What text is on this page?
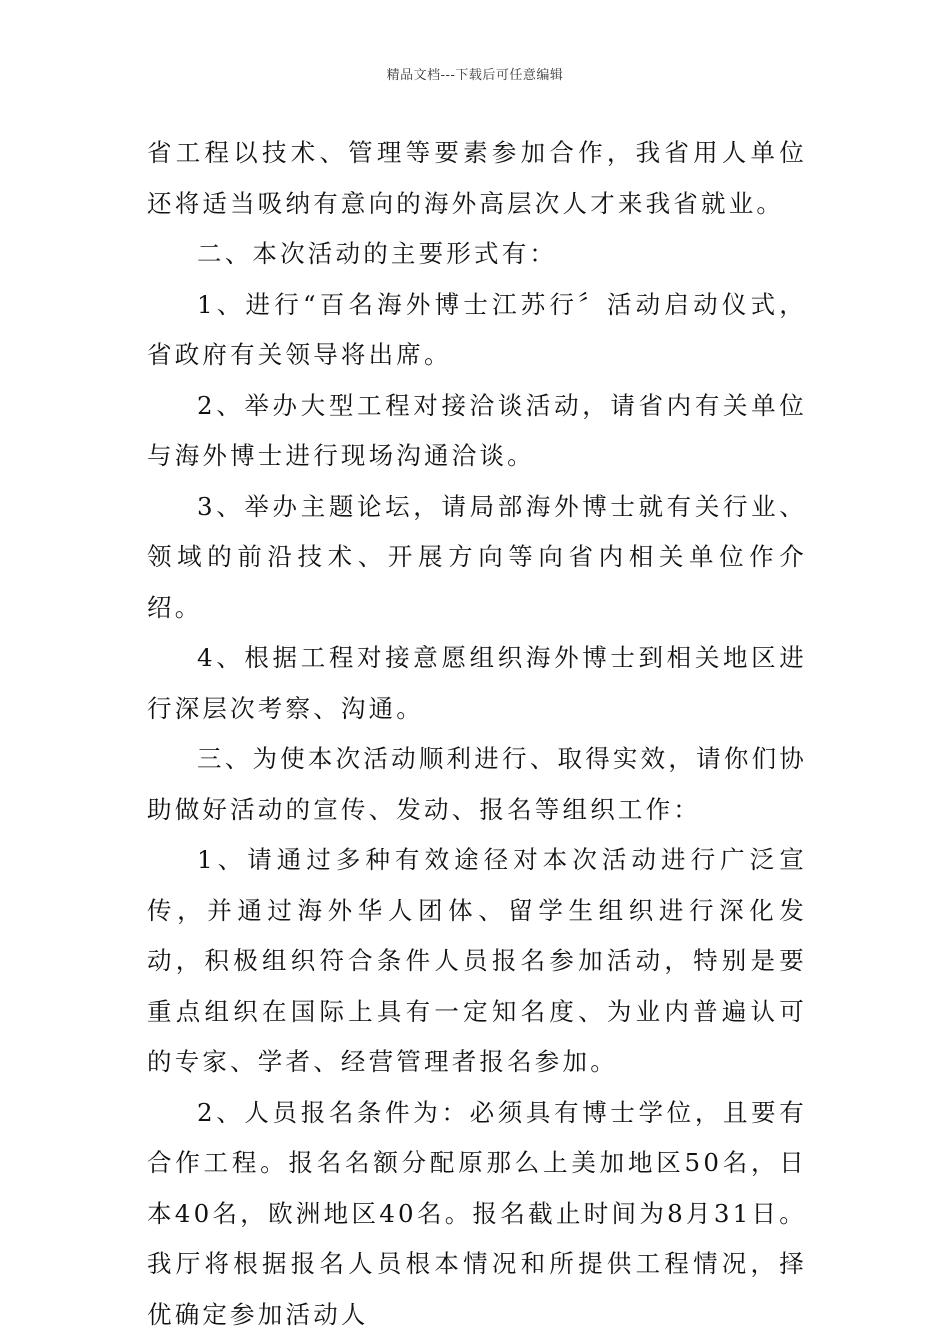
精品文档---下载后可任意编辑

省工程以技术、管理等要素参加合作，我省用人单位还将适当吸纳有意向的海外高层次人才来我省就业。

二、本次活动的主要形式有：

1、进行“百名海外博士江苏行〞活动启动仪式，省政府有关领导将出席。

2、举办大型工程对接洽谈活动，请省内有关单位与海外博士进行现场沟通洽谈。

3、举办主题论坛，请局部海外博士就有关行业、领域的前沿技术、开展方向等向省内相关单位作介绍。

4、根据工程对接意愿组织海外博士到相关地区进行深层次考察、沟通。

三、为使本次活动顺利进行、取得实效，请你们协助做好活动的宣传、发动、报名等组织工作：

1、请通过多种有效途径对本次活动进行广泛宣传，并通过海外华人团体、留学生组织进行深化发动，积极组织符合条件人员报名参加活动，特别是要重点组织在国际上具有一定知名度、为业内普遍认可的专家、学者、经营管理者报名参加。

2、人员报名条件为：必须具有博士学位，且要有合作工程。报名名额分配原那么上美加地区50名，日本40名，欧洲地区40名。报名截止时间为8月31日。我厅将根据报名人员根本情况和所提供工程情况，择优确定参加活动人
